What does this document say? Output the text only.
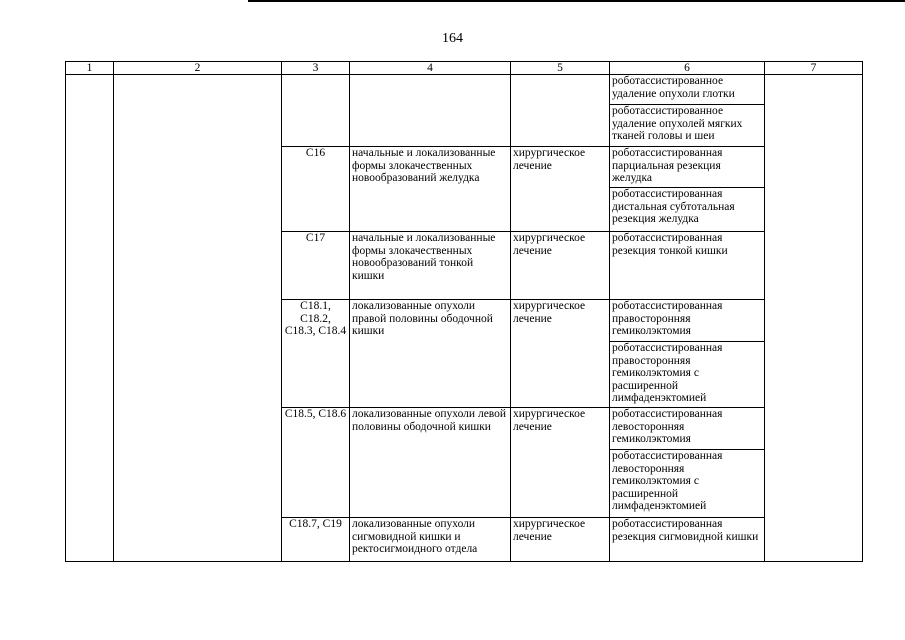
164
1	2	3	4	5	6	7
					роботассистированное удаление опухоли глотки	
					роботассистированное удаление опухолей мягких тканей головы и шеи	
		C16	начальные и локализованные формы злокачественных новообразований желудка	хирургическое лечение	роботассистированная парциальная резекция желудка	
					роботассистированная дистальная субтотальная резекция желудка	
		C17	начальные и локализованные формы злокачественных новообразований тонкой кишки	хирургическое лечение	роботассистированная резекция тонкой кишки	
		C18.1, C18.2, C18.3, C18.4	локализованные опухоли правой половины ободочной кишки	хирургическое лечение	роботассистированная правосторонняя гемиколэктомия	
					роботассистированная правосторонняя гемиколэктомия с расширенной лимфаденэктомией	
		C18.5, C18.6	локализованные опухоли левой половины ободочной кишки	хирургическое лечение	роботассистированная левосторонняя гемиколэктомия	
					роботассистированная левосторонняя гемиколэктомия с расширенной лимфаденэктомией	
		C18.7, C19	локализованные опухоли сигмовидной кишки и ректосигмоидного отдела	хирургическое лечение	роботассистированная резекция сигмовидной кишки	
